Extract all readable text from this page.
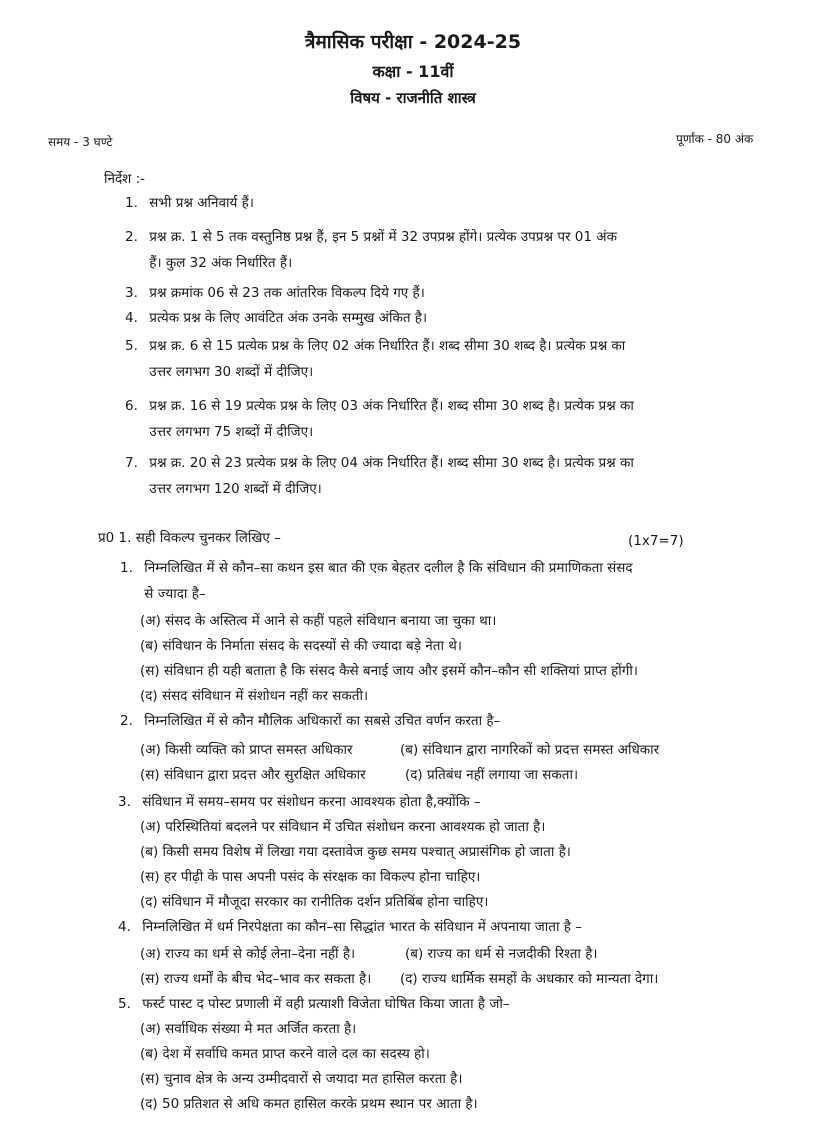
त्रैमासिक परीक्षा - 2024-25
कक्षा - 11वीं
विषय - राजनीति शास्त्र
समय - 3 घण्टे	पूर्णांक - 80 अंक
निर्देश :-
1. सभी प्रश्न अनिवार्य हैं।
2. प्रश्न क्र. 1 से 5 तक वस्तुनिष्ठ प्रश्न हैं, इन 5 प्रश्नों में 32 उपप्रश्न होंगे। प्रत्येक उपप्रश्न पर 01 अंक
हैं। कुल 32 अंक निर्धारित हैं।
3. प्रश्न क्रमांक 06 से 23 तक आंतरिक विकल्प दिये गए हैं।
4. प्रत्येक प्रश्न के लिए आवंटित अंक उनके सम्मुख अंकित है।
5. प्रश्न क्र. 6 से 15 प्रत्येक प्रश्न के लिए 02 अंक निर्धारित हैं। शब्द सीमा 30 शब्द है। प्रत्येक प्रश्न का
उत्तर लगभग 30 शब्दों में दीजिए।
6. प्रश्न क्र. 16 से 19 प्रत्येक प्रश्न के लिए 03 अंक निर्धारित हैं। शब्द सीमा 30 शब्द है। प्रत्येक प्रश्न का
उत्तर लगभग 75 शब्दों में दीजिए।
7. प्रश्न क्र. 20 से 23 प्रत्येक प्रश्न के लिए 04 अंक निर्धारित हैं। शब्द सीमा 30 शब्द है। प्रत्येक प्रश्न का
उत्तर लगभग 120 शब्दों में दीजिए।
प्र0 1. सही विकल्प चुनकर लिखिए –	(1x7=7)
1. निम्नलिखित में से कौन–सा कथन इस बात की एक बेहतर दलील है कि संविधान की प्रमाणिकता संसद
से ज्यादा है–
(अ) संसद के अस्तित्व में आने से कहीं पहले संविधान बनाया जा चुका था।
(ब) संविधान के निर्माता संसद के सदस्यों से की ज्यादा बड़े नेता थे।
(स) संविधान ही यही बताता है कि संसद कैसे बनाई जाय और इसमें कौन–कौन सी शक्तियां प्राप्त होंगी।
(द) संसद संविधान में संशोधन नहीं कर सकती।
2. निम्नलिखित में से कौन मौलिक अधिकारों का सबसे उचित वर्णन करता है–
(अ) किसी व्यक्ति को प्राप्त समस्त अधिकार	(ब) संविधान द्वारा नागरिकों को प्रदत्त समस्त अधिकार
(स) संविधान द्वारा प्रदत्त और सुरक्षित अधिकार	(द) प्रतिबंध नहीं लगाया जा सकता।
3. संविधान में समय–समय पर संशोधन करना आवश्यक होता है,क्योंकि –
(अ) परिस्थितियां बदलने पर संविधान में उचित संशोधन करना आवश्यक हो जाता है।
(ब) किसी समय विशेष में लिखा गया दस्तावेज कुछ समय पश्चात् अप्रासंगिक हो जाता है।
(स) हर पीढ़ी के पास अपनी पसंद के संरक्षक का विकल्प होना चाहिए।
(द) संविधान में मौजूदा सरकार का रानीतिक दर्शन प्रतिबिंब होना चाहिए।
4. निम्नलिखित में धर्म निरपेक्षता का कौन–सा सिद्धांत भारत के संविधान में अपनाया जाता है –
(अ) राज्य का धर्म से कोई लेना–देना नहीं है।	(ब) राज्य का धर्म से नजदीकी रिश्ता है।
(स) राज्य धर्मों के बीच भेद–भाव कर सकता है। (द) राज्य धार्मिक समहों के अधकार को मान्यता देगा।
5. फर्स्ट पास्ट द पोस्ट प्रणाली में वही प्रत्याशी विजेता घोषित किया जाता है जो–
(अ) सर्वाधिक संख्या मे मत अर्जित करता है।
(ब) देश में सर्वाधि कमत प्राप्त करने वाले दल का सदस्य हो।
(स) चुनाव क्षेत्र के अन्य उम्मीदवारों से जयादा मत हासिल करता है।
(द) 50 प्रतिशत से अधि कमत हासिल करके प्रथम स्थान पर आता है।
